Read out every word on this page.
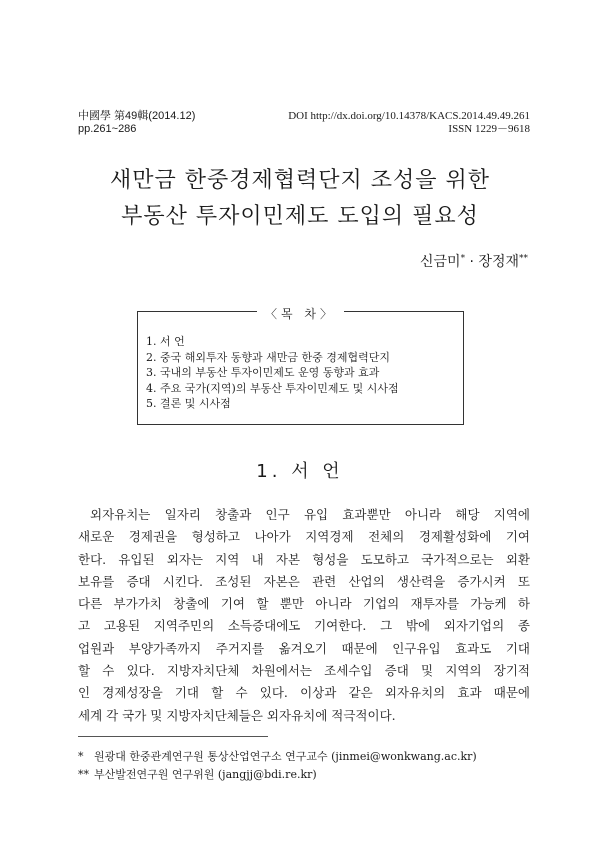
中國學 第49輯(2014.12)
pp.261~286
DOI http://dx.doi.org/10.14378/KACS.2014.49.49.261
ISSN 1229－9618
새만금 한중경제협력단지 조성을 위한
부동산 투자이민제도 도입의 필요성
신금미* · 장정재**
〈목 차〉
1. 서 언
2. 중국 해외투자 동향과 새만금 한중 경제협력단지
3. 국내의 부동산 투자이민제도 운영 동향과 효과
4. 주요 국가(지역)의 부동산 투자이민제도 및 시사점
5. 결론 및 시사점
1. 서 언
외자유치는 일자리 창출과 인구 유입 효과뿐만 아니라 해당 지역에
새로운 경제권을 형성하고 나아가 지역경제 전체의 경제활성화에 기여
한다. 유입된 외자는 지역 내 자본 형성을 도모하고 국가적으로는 외환
보유를 증대 시킨다. 조성된 자본은 관련 산업의 생산력을 증가시켜 또
다른 부가가치 창출에 기여 할 뿐만 아니라 기업의 재투자를 가능케 하
고 고용된 지역주민의 소득증대에도 기여한다. 그 밖에 외자기업의 종
업원과 부양가족까지 주거지를 옮겨오기 때문에 인구유입 효과도 기대
할 수 있다. 지방자치단체 차원에서는 조세수입 증대 및 지역의 장기적
인 경제성장을 기대 할 수 있다. 이상과 같은 외자유치의 효과 때문에
세계 각 국가 및 지방자치단체들은 외자유치에 적극적이다.
* 원광대 한중관계연구원 통상산업연구소 연구교수 (jinmei@wonkwang.ac.kr)
** 부산발전연구원 연구위원 (jangjj@bdi.re.kr)
